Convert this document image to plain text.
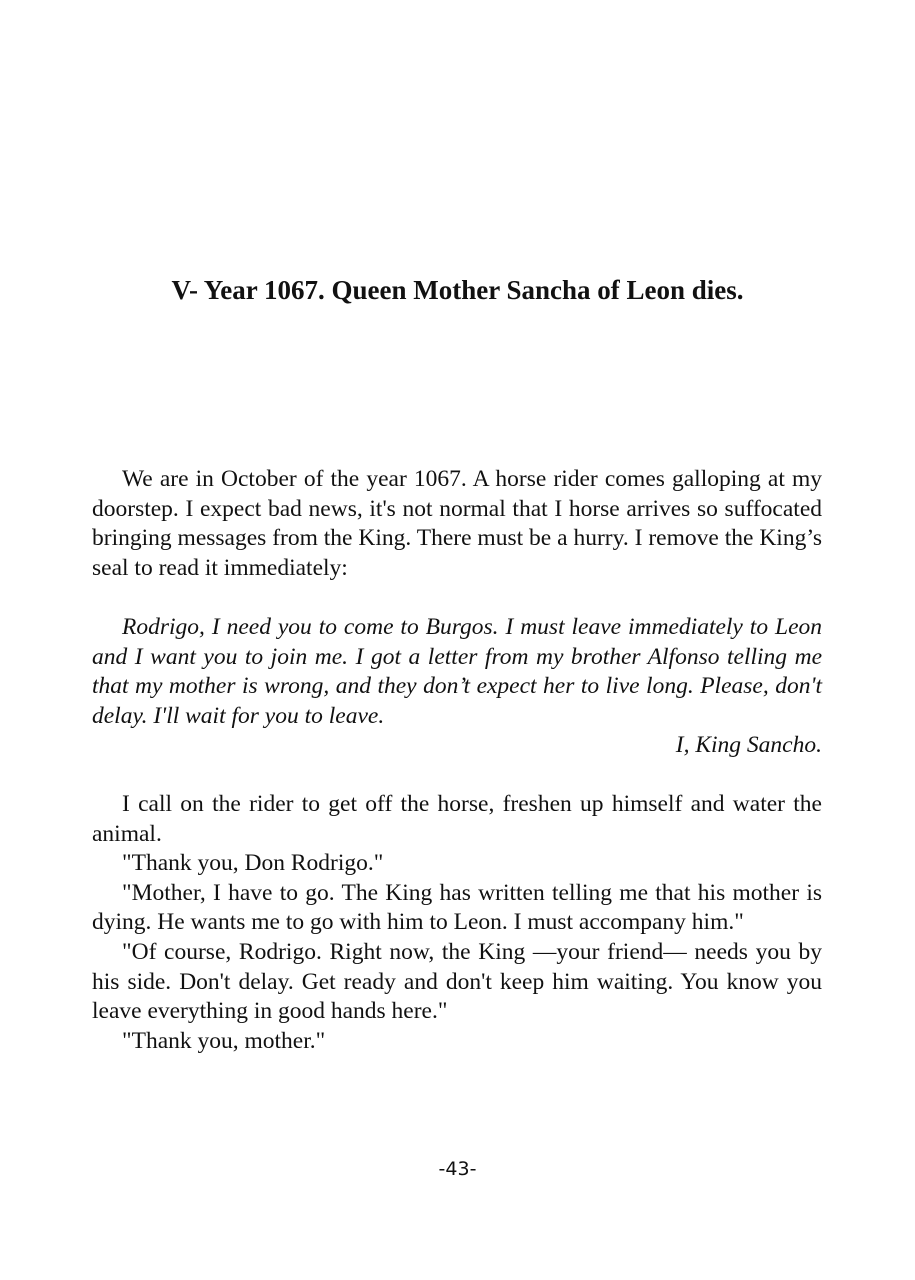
V- Year 1067. Queen Mother Sancha of Leon dies.

We are in October of the year 1067. A horse rider comes galloping at my doorstep. I expect bad news, it's not normal that I horse arrives so suffocated bringing messages from the King. There must be a hurry. I remove the King’s seal to read it immediately:

Rodrigo, I need you to come to Burgos. I must leave immediately to Leon and I want you to join me. I got a letter from my brother Alfonso telling me that my mother is wrong, and they don’t expect her to live long. Please, don't delay. I'll wait for you to leave.

I, King Sancho.

I call on the rider to get off the horse, freshen up himself and water the animal.

"Thank you, Don Rodrigo."

"Mother, I have to go. The King has written telling me that his mother is dying. He wants me to go with him to Leon. I must accompany him."

"Of course, Rodrigo. Right now, the King ―your friend― needs you by his side. Don't delay. Get ready and don't keep him waiting. You know you leave everything in good hands here."

"Thank you, mother."

-43-
